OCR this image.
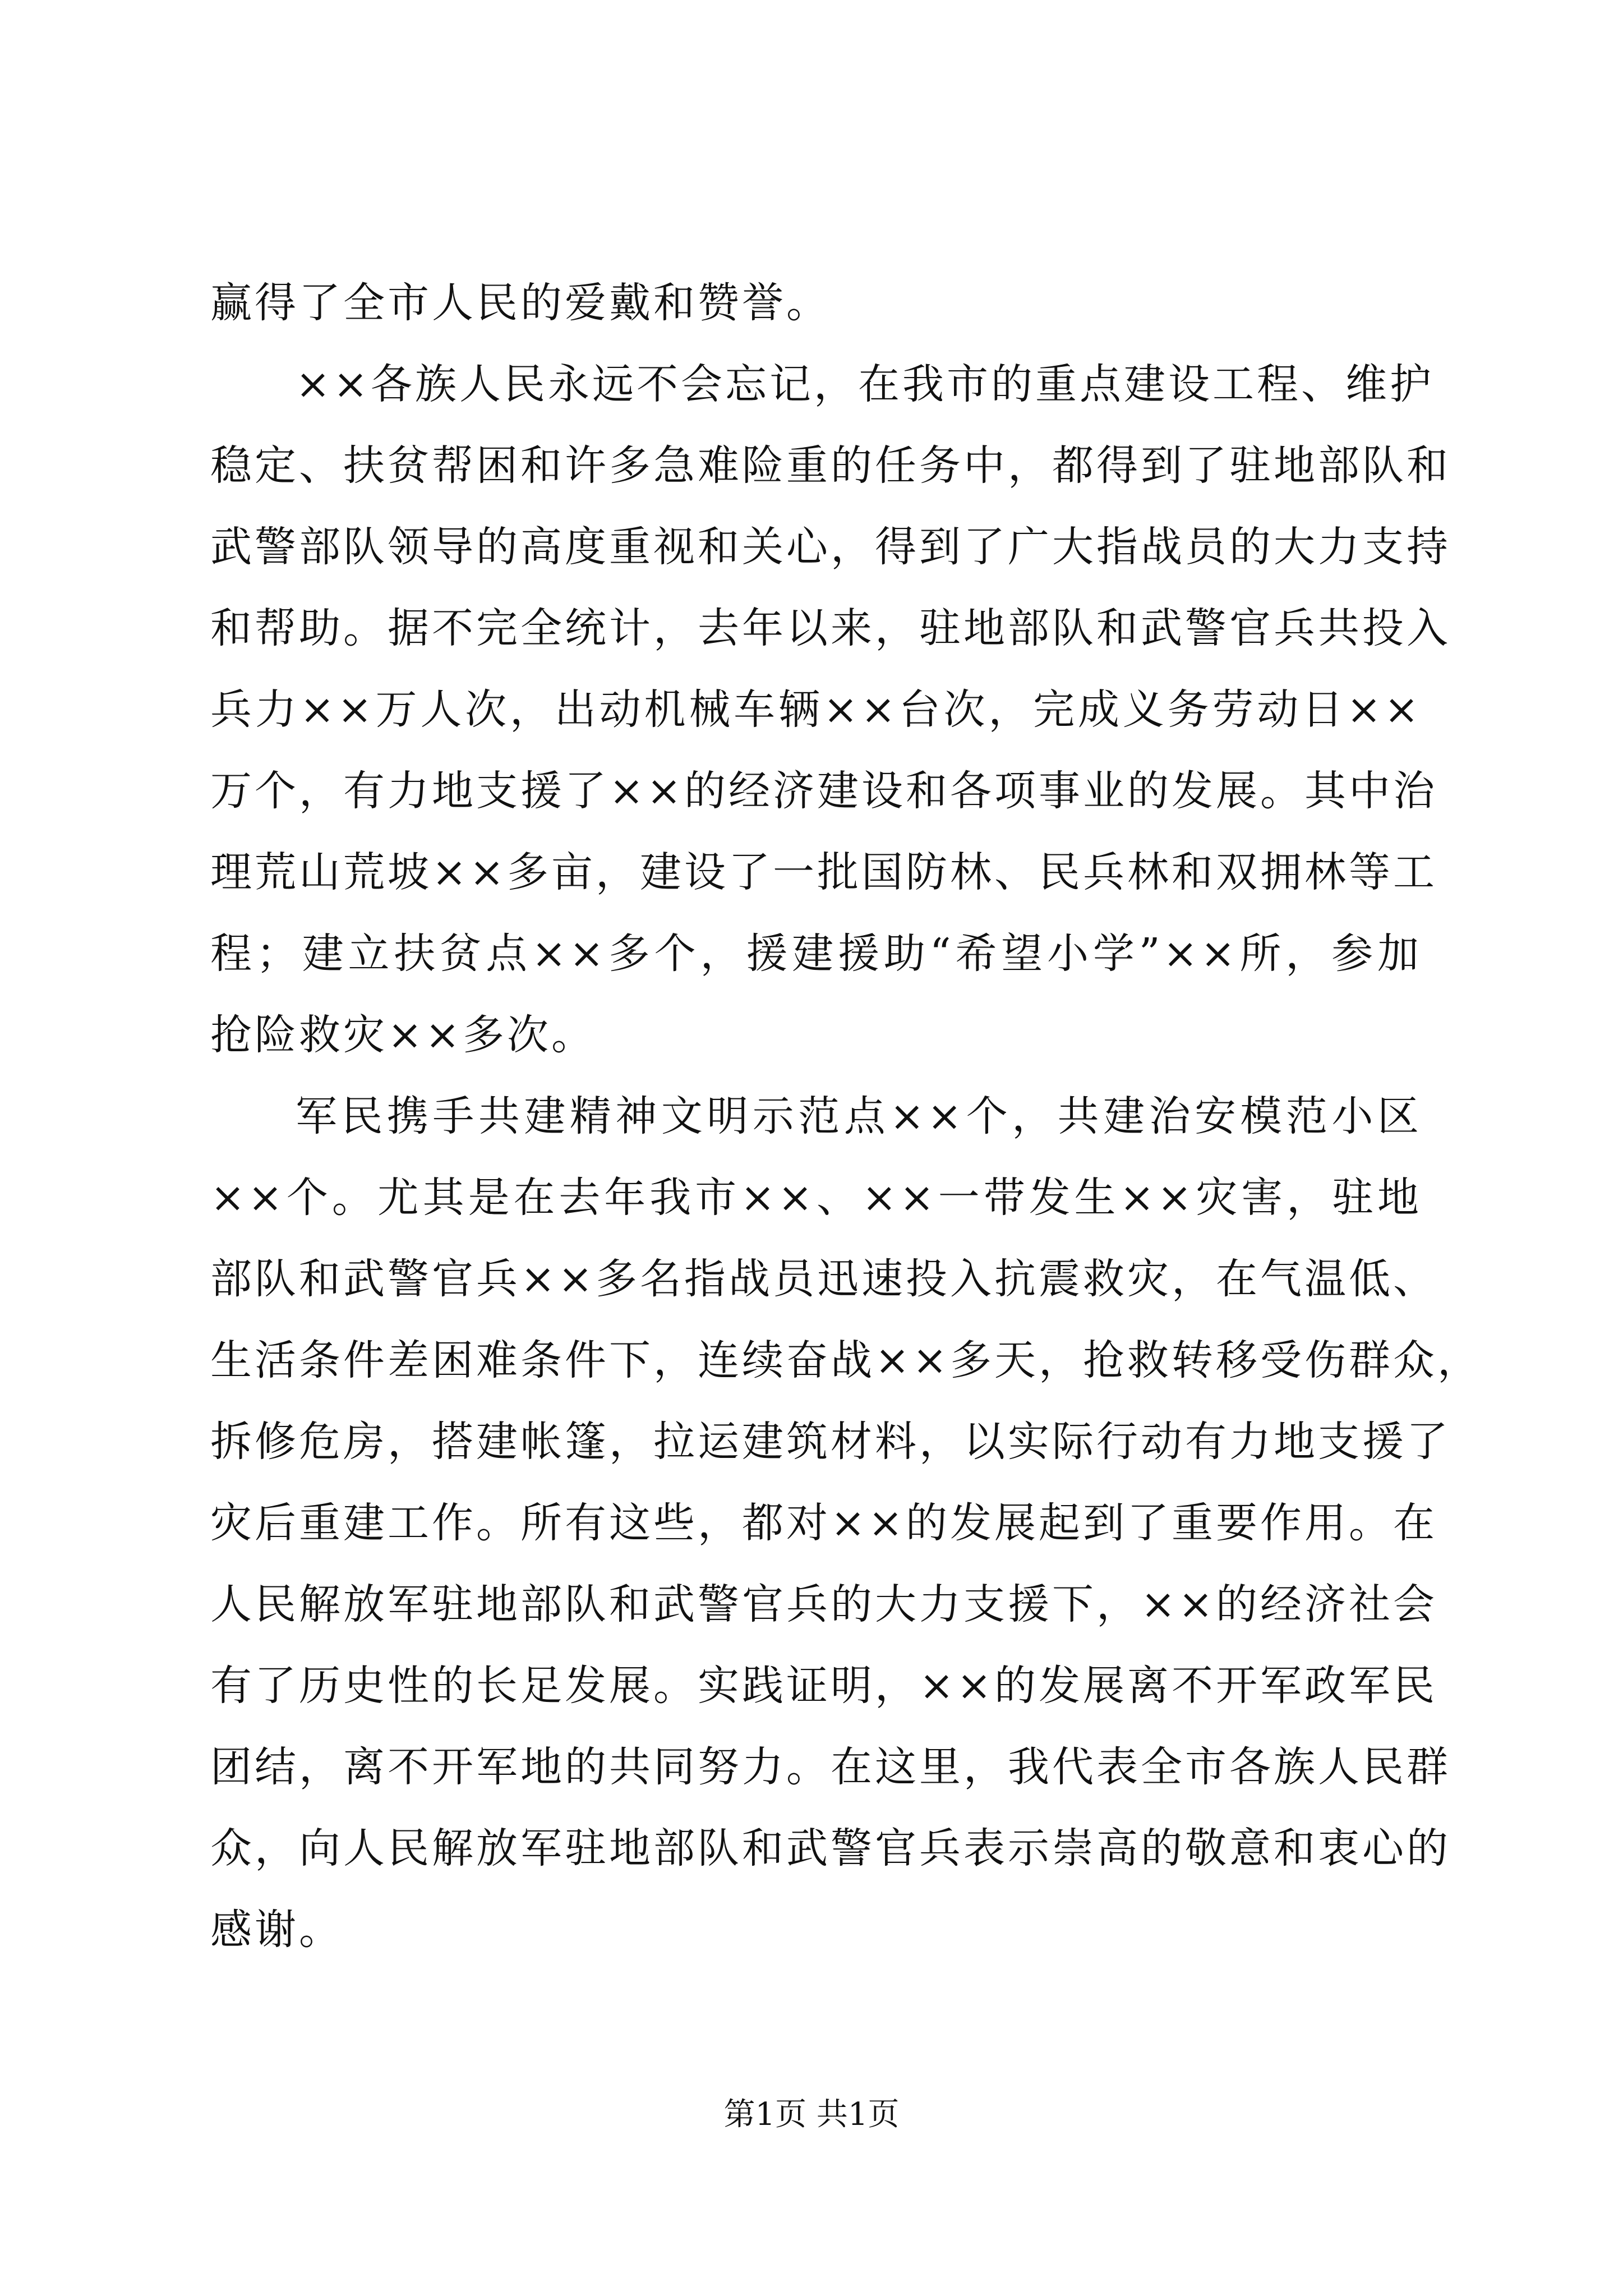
赢得了全市人民的爱戴和赞誉。
××各族人民永远不会忘记，在我市的重点建设工程、维护
稳定、扶贫帮困和许多急难险重的任务中，都得到了驻地部队和
武警部队领导的高度重视和关心，得到了广大指战员的大力支持
和帮助。据不完全统计，去年以来，驻地部队和武警官兵共投入
兵力××万人次，出动机械车辆××台次，完成义务劳动日××
万个，有力地支援了××的经济建设和各项事业的发展。其中治
理荒山荒坡××多亩，建设了一批国防林、民兵林和双拥林等工
程；建立扶贫点××多个，援建援助“希望小学”××所，参加
抢险救灾××多次。
军民携手共建精神文明示范点××个，共建治安模范小区
××个。尤其是在去年我市××、××一带发生××灾害，驻地
部队和武警官兵××多名指战员迅速投入抗震救灾，在气温低、
生活条件差困难条件下，连续奋战××多天，抢救转移受伤群众，
拆修危房，搭建帐篷，拉运建筑材料，以实际行动有力地支援了
灾后重建工作。所有这些，都对××的发展起到了重要作用。在
人民解放军驻地部队和武警官兵的大力支援下，××的经济社会
有了历史性的长足发展。实践证明，××的发展离不开军政军民
团结，离不开军地的共同努力。在这里，我代表全市各族人民群
众，向人民解放军驻地部队和武警官兵表示崇高的敬意和衷心的
感谢。
第1页 共1页
